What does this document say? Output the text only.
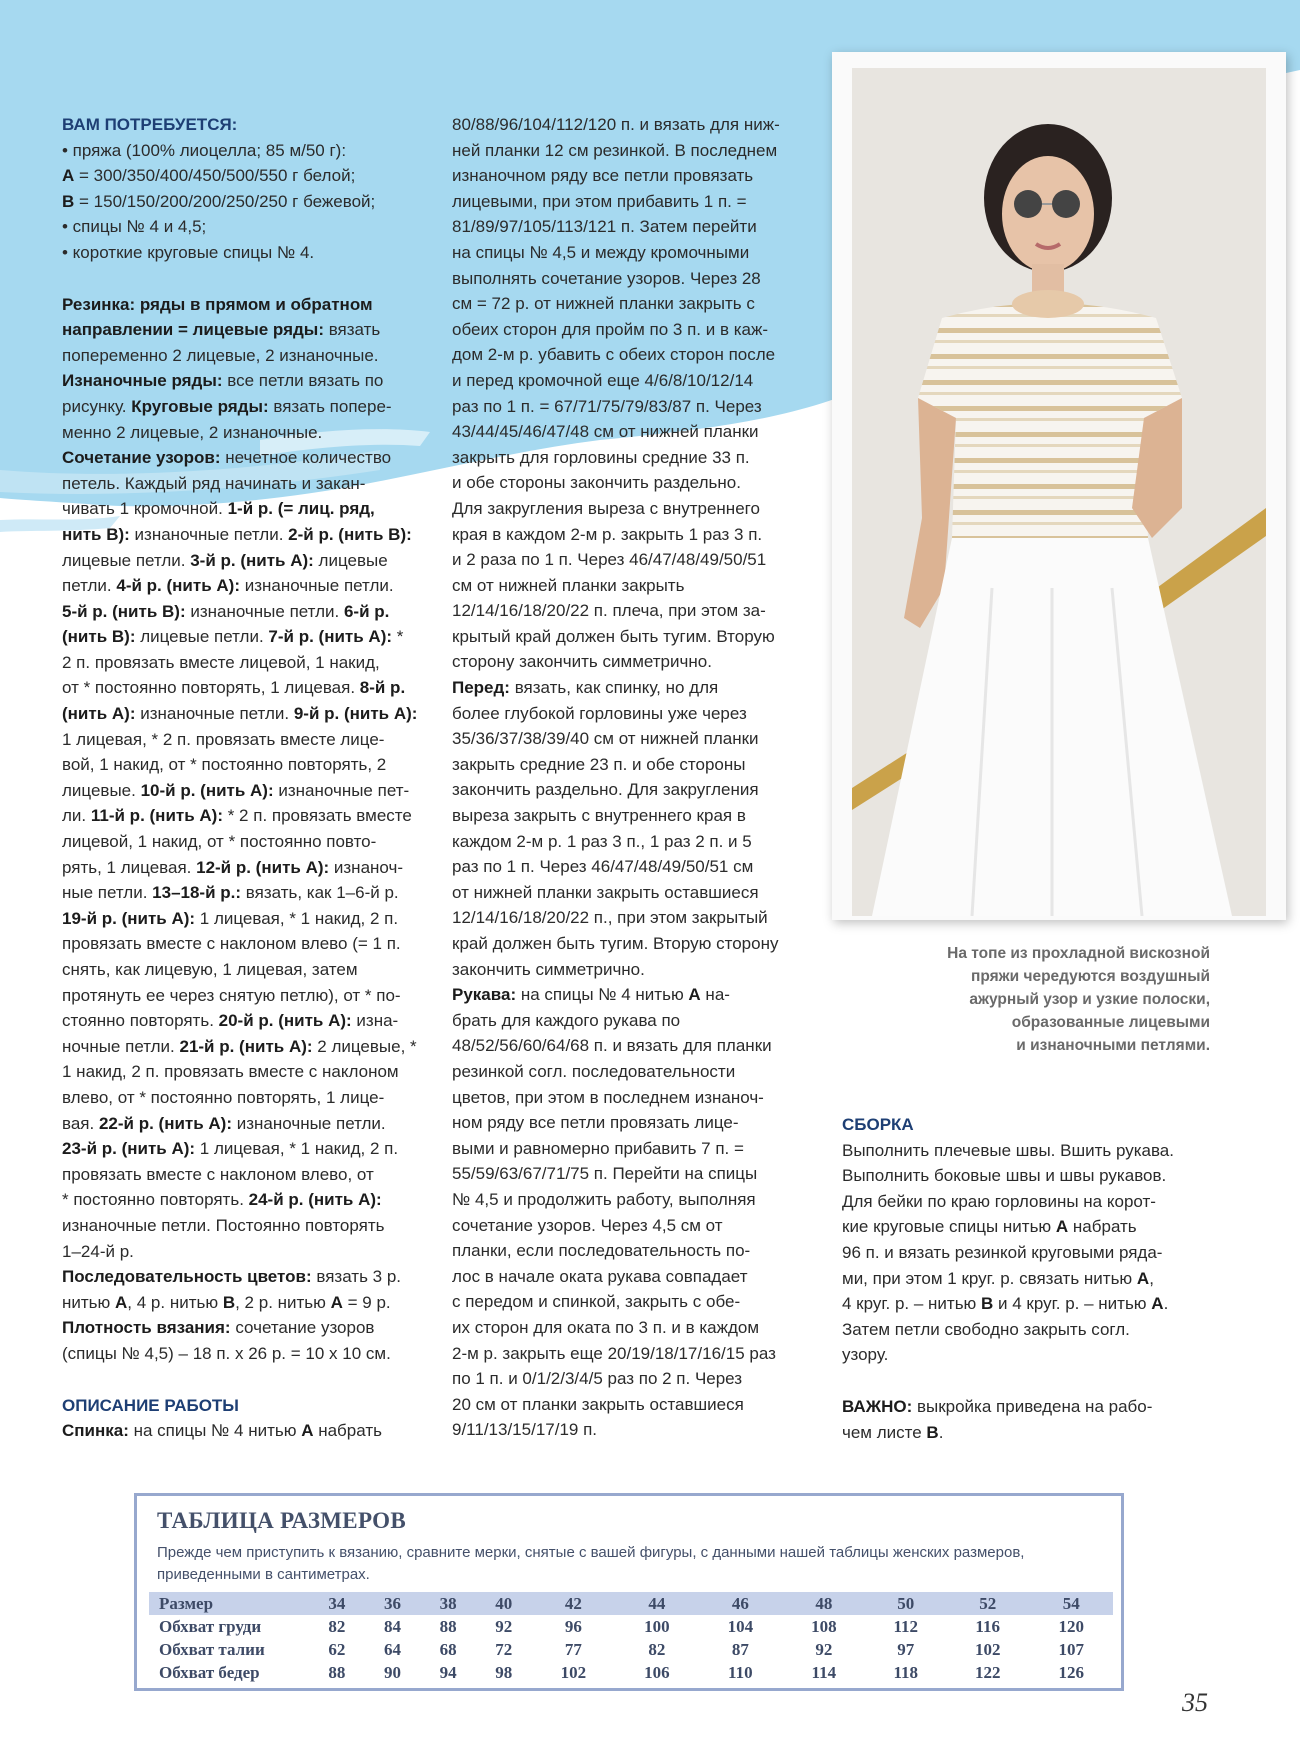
ВАМ ПОТРЕБУЕТСЯ:

• пряжа (100% лиоцелла; 85 м/50 г):

А = 300/350/400/450/500/550 г белой;

В = 150/150/200/200/250/250 г бежевой;

• спицы № 4 и 4,5;

• короткие круговые спицы № 4.

Резинка: ряды в прямом и обратном

направлении = лицевые ряды: вязать

попеременно 2 лицевые, 2 изнаночные.

Изнаночные ряды: все петли вязать по

рисунку. Круговые ряды: вязать попере-

менно 2 лицевые, 2 изнаночные.

Сочетание узоров: нечетное количество

петель. Каждый ряд начинать и закан-

чивать 1 кромочной. 1-й р. (= лиц. ряд,

нить В): изнаночные петли. 2-й р. (нить В):

лицевые петли. 3-й р. (нить А): лицевые

петли. 4-й р. (нить А): изнаночные петли.

5-й р. (нить В): изнаночные петли. 6-й р.

(нить В): лицевые петли. 7-й р. (нить А): *

2 п. провязать вместе лицевой, 1 накид,

от * постоянно повторять, 1 лицевая. 8-й р.

(нить А): изнаночные петли. 9-й р. (нить А):

1 лицевая, * 2 п. провязать вместе лице-

вой, 1 накид, от * постоянно повторять, 2

лицевые. 10-й р. (нить А): изнаночные пет-

ли. 11-й р. (нить А): * 2 п. провязать вместе

лицевой, 1 накид, от * постоянно повто-

рять, 1 лицевая. 12-й р. (нить А): изнаноч-

ные петли. 13–18-й р.: вязать, как 1–6-й р.

19-й р. (нить А): 1 лицевая, * 1 накид, 2 п.

провязать вместе с наклоном влево (= 1 п.

снять, как лицевую, 1 лицевая, затем

протянуть ее через снятую петлю), от * по-

стоянно повторять. 20-й р. (нить А): изна-

ночные петли. 21-й р. (нить А): 2 лицевые, *

1 накид, 2 п. провязать вместе с наклоном

влево, от * постоянно повторять, 1 лице-

вая. 22-й р. (нить А): изнаночные петли.

23-й р. (нить А): 1 лицевая, * 1 накид, 2 п.

провязать вместе с наклоном влево, от

* постоянно повторять. 24-й р. (нить А):

изнаночные петли. Постоянно повторять

1–24-й р.

Последовательность цветов: вязать 3 р.

нитью А, 4 р. нитью В, 2 р. нитью А = 9 р.

Плотность вязания: сочетание узоров

(спицы № 4,5) – 18 п. х 26 р. = 10 х 10 см.

ОПИСАНИЕ РАБОТЫ

Спинка: на спицы № 4 нитью А набрать

80/88/96/104/112/120 п. и вязать для ниж-

ней планки 12 см резинкой. В последнем

изнаночном ряду все петли провязать

лицевыми, при этом прибавить 1 п. =

81/89/97/105/113/121 п. Затем перейти

на спицы № 4,5 и между кромочными

выполнять сочетание узоров. Через 28

см = 72 р. от нижней планки закрыть с

обеих сторон для пройм по 3 п. и в каж-

дом 2-м р. убавить с обеих сторон после

и перед кромочной еще 4/6/8/10/12/14

раз по 1 п. = 67/71/75/79/83/87 п. Через

43/44/45/46/47/48 см от нижней планки

закрыть для горловины средние 33 п.

и обе стороны закончить раздельно.

Для закругления выреза с внутреннего

края в каждом 2-м р. закрыть 1 раз 3 п.

и 2 раза по 1 п. Через 46/47/48/49/50/51

см от нижней планки закрыть

12/14/16/18/20/22 п. плеча, при этом за-

крытый край должен быть тугим. Вторую

сторону закончить симметрично.

Перед: вязать, как спинку, но для

более глубокой горловины уже через

35/36/37/38/39/40 см от нижней планки

закрыть средние 23 п. и обе стороны

закончить раздельно. Для закругления

выреза закрыть с внутреннего края в

каждом 2-м р. 1 раз 3 п., 1 раз 2 п. и 5

раз по 1 п. Через 46/47/48/49/50/51 см

от нижней планки закрыть оставшиеся

12/14/16/18/20/22 п., при этом закрытый

край должен быть тугим. Вторую сторону

закончить симметрично.

Рукава: на спицы № 4 нитью А на-

брать для каждого рукава по

48/52/56/60/64/68 п. и вязать для планки

резинкой согл. последовательности

цветов, при этом в последнем изнаноч-

ном ряду все петли провязать лице-

выми и равномерно прибавить 7 п. =

55/59/63/67/71/75 п. Перейти на спицы

№ 4,5 и продолжить работу, выполняя

сочетание узоров. Через 4,5 см от

планки, если последовательность по-

лос в начале оката рукава совпадает

с передом и спинкой, закрыть с обе-

их сторон для оката по 3 п. и в каждом

2-м р. закрыть еще 20/19/18/17/16/15 раз

по 1 п. и 0/1/2/3/4/5 раз по 2 п. Через

20 см от планки закрыть оставшиеся

9/11/13/15/17/19 п.

На топе из прохладной вискозной

пряжи чередуются воздушный

ажурный узор и узкие полоски,

образованные лицевыми

и изнаночными петлями.

СБОРКА

Выполнить плечевые швы. Вшить рукава.

Выполнить боковые швы и швы рукавов.

Для бейки по краю горловины на корот-

кие круговые спицы нитью А набрать

96 п. и вязать резинкой круговыми рядa-

ми, при этом 1 круг. р. связать нитью А,

4 круг. р. – нитью В и 4 круг. р. – нитью А.

Затем петли свободно закрыть согл.

узору.

ВАЖНО: выкройка приведена на рабо-

чем листе В.

ТАБЛИЦА РАЗМЕРОВ
Прежде чем приступить к вязанию, сравните мерки, снятые с вашей фигуры, с данными нашей таблицы женских размеров, приведенными в сантиметрах.
Размер	34	36	38	40	42	44	46	48	50	52	54
Обхват груди	82	84	88	92	96	100	104	108	112	116	120
Обхват талии	62	64	68	72	77	82	87	92	97	102	107
Обхват бедер	88	90	94	98	102	106	110	114	118	122	126
35
